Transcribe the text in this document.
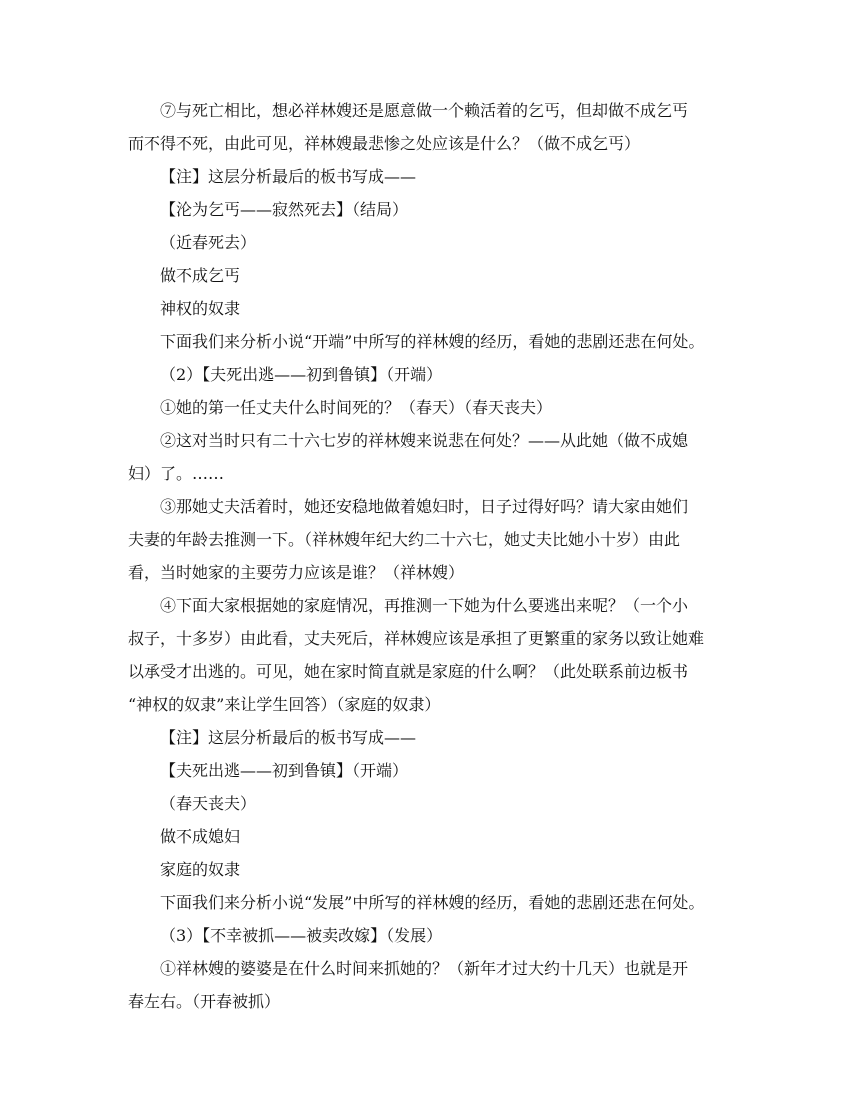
⑦与死亡相比，想必祥林嫂还是愿意做一个赖活着的乞丐，但却做不成乞丐
而不得不死，由此可见，祥林嫂最悲惨之处应该是什么？（做不成乞丐）
【注】这层分析最后的板书写成——
【沦为乞丐——寂然死去】（结局）
（近春死去）
做不成乞丐
神权的奴隶
下面我们来分析小说“开端”中所写的祥林嫂的经历，看她的悲剧还悲在何处。
（2）【夫死出逃——初到鲁镇】（开端）
①她的第一任丈夫什么时间死的？（春天）（春天丧夫）
②这对当时只有二十六七岁的祥林嫂来说悲在何处？——从此她（做不成媳
妇）了。……
③那她丈夫活着时，她还安稳地做着媳妇时，日子过得好吗？请大家由她们
夫妻的年龄去推测一下。（祥林嫂年纪大约二十六七，她丈夫比她小十岁）由此
看，当时她家的主要劳力应该是谁？（祥林嫂）
④下面大家根据她的家庭情况，再推测一下她为什么要逃出来呢？（一个小
叔子，十多岁）由此看，丈夫死后，祥林嫂应该是承担了更繁重的家务以致让她难
以承受才出逃的。可见，她在家时简直就是家庭的什么啊？（此处联系前边板书
“神权的奴隶”来让学生回答）（家庭的奴隶）
【注】这层分析最后的板书写成——
【夫死出逃——初到鲁镇】（开端）
（春天丧夫）
做不成媳妇
家庭的奴隶
下面我们来分析小说“发展”中所写的祥林嫂的经历，看她的悲剧还悲在何处。
（3）【不幸被抓——被卖改嫁】（发展）
①祥林嫂的婆婆是在什么时间来抓她的？（新年才过大约十几天）也就是开
春左右。（开春被抓）
